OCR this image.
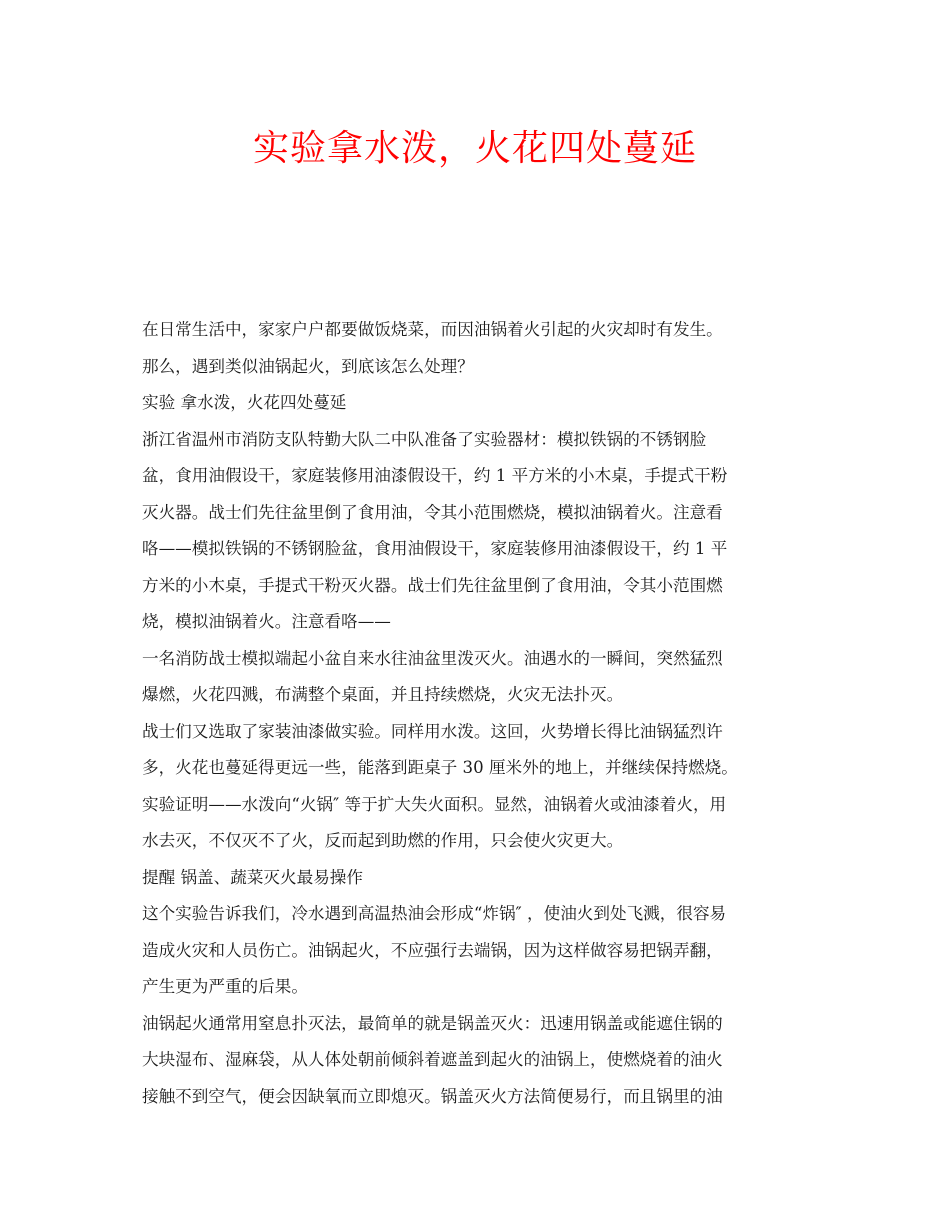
实验拿水泼，火花四处蔓延
在日常生活中，家家户户都要做饭烧菜，而因油锅着火引起的火灾却时有发生。
那么，遇到类似油锅起火，到底该怎么处理？
实验 拿水泼，火花四处蔓延
浙江省温州市消防支队特勤大队二中队准备了实验器材：模拟铁锅的不锈钢脸
盆，食用油假设干，家庭装修用油漆假设干，约 1 平方米的小木桌，手提式干粉
灭火器。战士们先往盆里倒了食用油，令其小范围燃烧，模拟油锅着火。注意看
咯——模拟铁锅的不锈钢脸盆，食用油假设干，家庭装修用油漆假设干，约 1 平
方米的小木桌，手提式干粉灭火器。战士们先往盆里倒了食用油，令其小范围燃
烧，模拟油锅着火。注意看咯——
一名消防战士模拟端起小盆自来水往油盆里泼灭火。油遇水的一瞬间，突然猛烈
爆燃，火花四溅，布满整个桌面，并且持续燃烧，火灾无法扑灭。
战士们又选取了家装油漆做实验。同样用水泼。这回，火势增长得比油锅猛烈许
多，火花也蔓延得更远一些，能落到距桌子 30 厘米外的地上，并继续保持燃烧。
实验证明——水泼向“火锅″ 等于扩大失火面积。显然，油锅着火或油漆着火，用
水去灭，不仅灭不了火，反而起到助燃的作用，只会使火灾更大。
提醒 锅盖、蔬菜灭火最易操作
这个实验告诉我们，冷水遇到高温热油会形成“炸锅″ ，使油火到处飞溅，很容易
造成火灾和人员伤亡。油锅起火，不应强行去端锅，因为这样做容易把锅弄翻，
产生更为严重的后果。
油锅起火通常用窒息扑灭法，最简单的就是锅盖灭火：迅速用锅盖或能遮住锅的
大块湿布、湿麻袋，从人体处朝前倾斜着遮盖到起火的油锅上，使燃烧着的油火
接触不到空气，便会因缺氧而立即熄灭。锅盖灭火方法简便易行，而且锅里的油
